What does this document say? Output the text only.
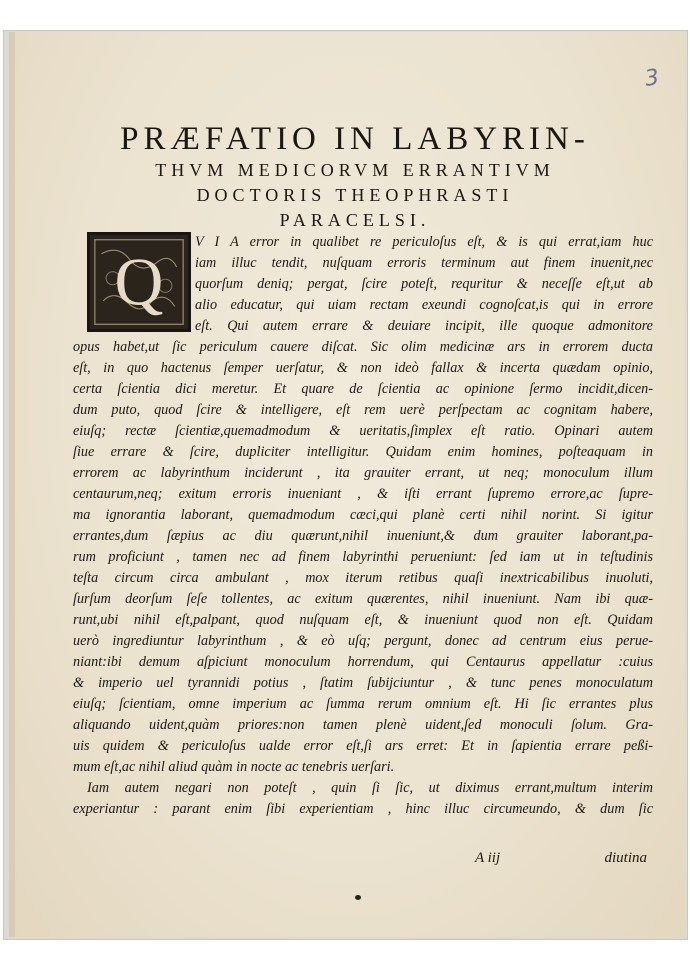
3
PRÆFATIO IN LABYRIN-
THVM MEDICORVM ERRANTIVM
DOCTORIS THEOPHRASTI
PARACELSI.
Q
V I A error in qualibet re periculoſus eſt, & is qui errat,iam huc
iam illuc tendit, nuſquam erroris terminum aut finem inuenit,nec
quorſum deniq; pergat, ſcire poteſt, requritur & neceſſe eſt,ut ab
alio educatur, qui uiam rectam exeundi cognoſcat,is qui in errore
eſt. Qui autem errare & deuiare incipit, ille quoque admonitore
opus habet,ut ſic periculum cauere diſcat. Sic olim medicinæ ars in errorem ducta
eſt, in quo hactenus ſemper uerſatur, & non ideò fallax & incerta quædam opinio,
certa ſcientia dici meretur. Et quare de ſcientia ac opinione ſermo incidit,dicen-
dum puto, quod ſcire & intelligere, eſt rem uerè perſpectam ac cognitam habere,
eiuſq; rectæ ſcientiæ,quemadmodum & ueritatis,ſimplex eſt ratio. Opinari autem
ſiue errare & ſcire, dupliciter intelligitur. Quidam enim homines, poſteaquam in
errorem ac labyrinthum inciderunt , ita grauiter errant, ut neq; monoculum illum
centaurum,neq; exitum erroris inueniant , & iſti errant ſupremo errore,ac ſupre-
ma ignorantia laborant, quemadmodum cæci,qui planè certi nihil norint. Si igitur
errantes,dum ſæpius ac diu quærunt,nihil inueniunt,& dum grauiter laborant,pa-
rum proficiunt , tamen nec ad finem labyrinthi perueniunt: ſed iam ut in teſtudinis
teſta circum circa ambulant , mox iterum retibus quaſi inextricabilibus inuoluti,
ſurſum deorſum ſeſe tollentes, ac exitum quærentes, nihil inueniunt. Nam ibi quæ-
runt,ubi nihil eſt,palpant, quod nuſquam eſt, & inueniunt quod non eſt. Quidam
uerò ingrediuntur labyrinthum , & eò uſq; pergunt, donec ad centrum eius perue-
niant:ibi demum aſpiciunt monoculum horrendum, qui Centaurus appellatur :cuius
& imperio uel tyrannidi potius , ſtatim ſubijciuntur , & tunc penes monoculatum
eiuſq; ſcientiam, omne imperium ac ſumma rerum omnium eſt. Hi ſic errantes plus
aliquando uident,quàm priores:non tamen plenè uident,ſed monoculi ſolum. Gra-
uis quidem & periculoſus ualde error eſt,ſi ars erret: Et in ſapientia errare peßi-
mum eſt,ac nihil aliud quàm in nocte ac tenebris uerſari.
Iam autem negari non poteſt , quin ſi ſic, ut diximus errant,multum interim
experiantur : parant enim ſibi experientiam , hinc illuc circumeundo, & dum ſic
A iij	diutina
